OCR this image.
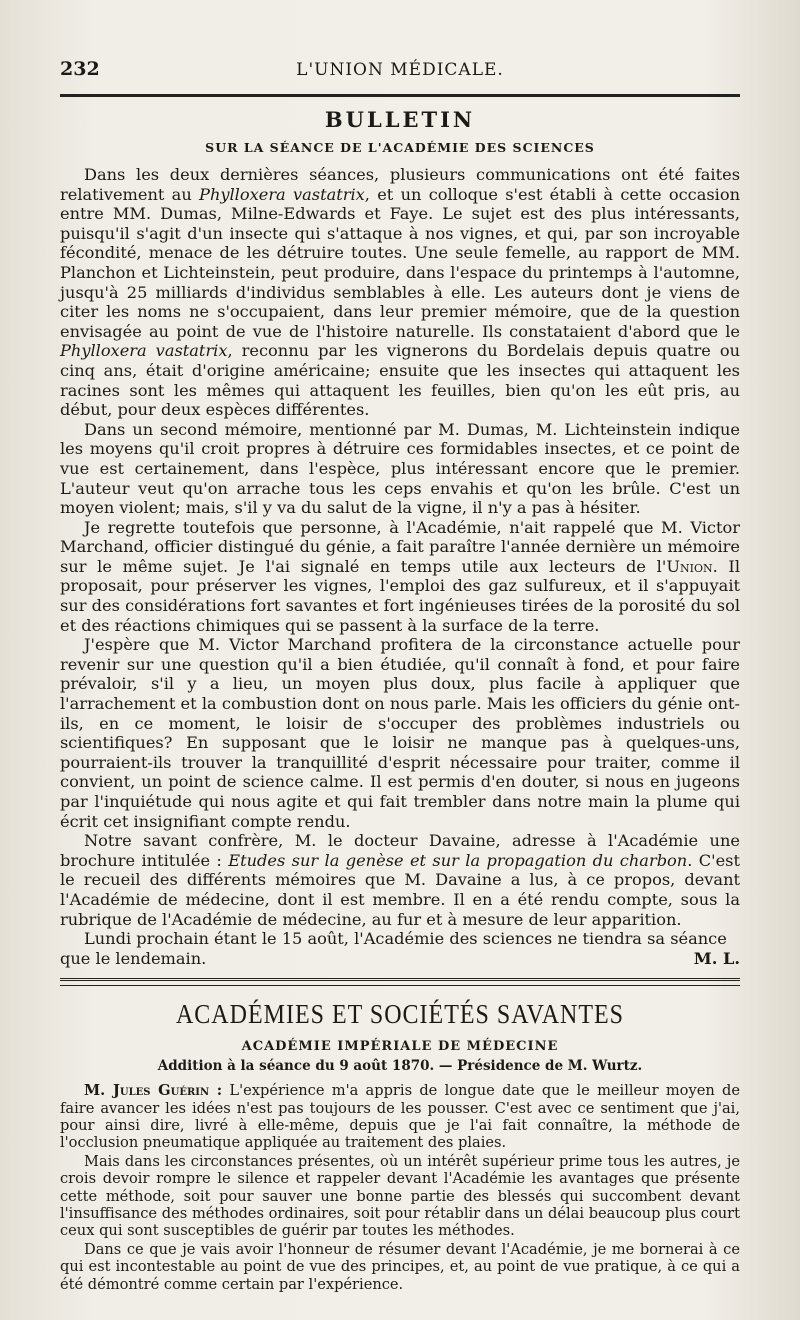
232	L'UNION MÉDICALE.
BULLETIN
SUR LA SÉANCE DE L'ACADÉMIE DES SCIENCES

Dans les deux dernières séances, plusieurs communications ont été faites relativement au Phylloxera vastatrix, et un colloque s'est établi à cette occasion entre MM. Dumas, Milne-Edwards et Faye. Le sujet est des plus intéressants, puisqu'il s'agit d'un insecte qui s'attaque à nos vignes, et qui, par son incroyable fécondité, menace de les détruire toutes. Une seule femelle, au rapport de MM. Planchon et Lichteinstein, peut produire, dans l'espace du printemps à l'automne, jusqu'à 25 milliards d'individus semblables à elle. Les auteurs dont je viens de citer les noms ne s'occupaient, dans leur premier mémoire, que de la question envisagée au point de vue de l'histoire naturelle. Ils constataient d'abord que le Phylloxera vastatrix, reconnu par les vignerons du Bordelais depuis quatre ou cinq ans, était d'origine américaine; ensuite que les insectes qui attaquent les racines sont les mêmes qui attaquent les feuilles, bien qu'on les eût pris, au début, pour deux espèces différentes.

Dans un second mémoire, mentionné par M. Dumas, M. Lichteinstein indique les moyens qu'il croit propres à détruire ces formidables insectes, et ce point de vue est certainement, dans l'espèce, plus intéressant encore que le premier. L'auteur veut qu'on arrache tous les ceps envahis et qu'on les brûle. C'est un moyen violent; mais, s'il y va du salut de la vigne, il n'y a pas à hésiter.

Je regrette toutefois que personne, à l'Académie, n'ait rappelé que M. Victor Marchand, officier distingué du génie, a fait paraître l'année dernière un mémoire sur le même sujet. Je l'ai signalé en temps utile aux lecteurs de l'Union. Il proposait, pour préserver les vignes, l'emploi des gaz sulfureux, et il s'appuyait sur des considérations fort savantes et fort ingénieuses tirées de la porosité du sol et des réactions chimiques qui se passent à la surface de la terre.

J'espère que M. Victor Marchand profitera de la circonstance actuelle pour revenir sur une question qu'il a bien étudiée, qu'il connaît à fond, et pour faire prévaloir, s'il y a lieu, un moyen plus doux, plus facile à appliquer que l'arrachement et la combustion dont on nous parle. Mais les officiers du génie ont-ils, en ce moment, le loisir de s'occuper des problèmes industriels ou scientifiques? En supposant que le loisir ne manque pas à quelques-uns, pourraient-ils trouver la tranquillité d'esprit nécessaire pour traiter, comme il convient, un point de science calme. Il est permis d'en douter, si nous en jugeons par l'inquiétude qui nous agite et qui fait trembler dans notre main la plume qui écrit cet insignifiant compte rendu.

Notre savant confrère, M. le docteur Davaine, adresse à l'Académie une brochure intitulée : Etudes sur la genèse et sur la propagation du charbon. C'est le recueil des différents mémoires que M. Davaine a lus, à ce propos, devant l'Académie de médecine, dont il est membre. Il en a été rendu compte, sous la rubrique de l'Académie de médecine, au fur et à mesure de leur apparition.

Lundi prochain étant le 15 août, l'Académie des sciences ne tiendra sa séance

que le lendemain.	M. L.
ACADÉMIES ET SOCIÉTÉS SAVANTES
ACADÉMIE IMPÉRIALE DE MÉDECINE
Addition à la séance du 9 août 1870. — Présidence de M. Wurtz.

M. Jules Guérin : L'expérience m'a appris de longue date que le meilleur moyen de faire avancer les idées n'est pas toujours de les pousser. C'est avec ce sentiment que j'ai, pour ainsi dire, livré à elle-même, depuis que je l'ai fait connaître, la méthode de l'occlusion pneumatique appliquée au traitement des plaies.

Mais dans les circonstances présentes, où un intérêt supérieur prime tous les autres, je crois devoir rompre le silence et rappeler devant l'Académie les avantages que présente cette méthode, soit pour sauver une bonne partie des blessés qui succombent devant l'insuffisance des méthodes ordinaires, soit pour rétablir dans un délai beaucoup plus court ceux qui sont susceptibles de guérir par toutes les méthodes.

Dans ce que je vais avoir l'honneur de résumer devant l'Académie, je me bornerai à ce qui est incontestable au point de vue des principes, et, au point de vue pratique, à ce qui a été démontré comme certain par l'expérience.
